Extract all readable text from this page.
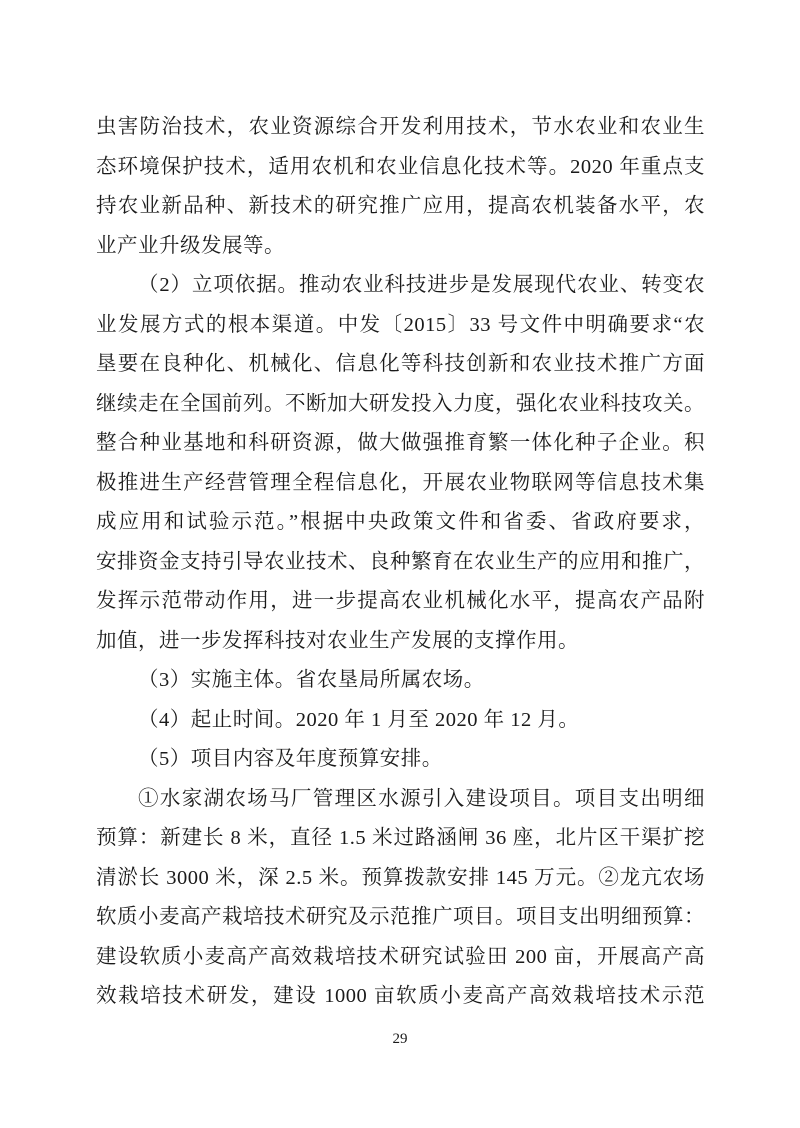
虫害防治技术，农业资源综合开发利用技术，节水农业和农业生
态环境保护技术，适用农机和农业信息化技术等。2020 年重点支
持农业新品种、新技术的研究推广应用，提高农机装备水平，农
业产业升级发展等。
（2）立项依据。推动农业科技进步是发展现代农业、转变农
业发展方式的根本渠道。中发〔2015〕33 号文件中明确要求“农
垦要在良种化、机械化、信息化等科技创新和农业技术推广方面
继续走在全国前列。不断加大研发投入力度，强化农业科技攻关。
整合种业基地和科研资源，做大做强推育繁一体化种子企业。积
极推进生产经营管理全程信息化，开展农业物联网等信息技术集
成应用和试验示范。”根据中央政策文件和省委、省政府要求，
安排资金支持引导农业技术、良种繁育在农业生产的应用和推广，
发挥示范带动作用，进一步提高农业机械化水平，提高农产品附
加值，进一步发挥科技对农业生产发展的支撑作用。
（3）实施主体。省农垦局所属农场。
（4）起止时间。2020 年 1 月至 2020 年 12 月。
（5）项目内容及年度预算安排。
①水家湖农场马厂管理区水源引入建设项目。项目支出明细
预算：新建长 8 米，直径 1.5 米过路涵闸 36 座，北片区干渠扩挖
清淤长 3000 米，深 2.5 米。预算拨款安排 145 万元。②龙亢农场
软质小麦高产栽培技术研究及示范推广项目。项目支出明细预算：
建设软质小麦高产高效栽培技术研究试验田 200 亩，开展高产高
效栽培技术研发，建设 1000 亩软质小麦高产高效栽培技术示范
29
